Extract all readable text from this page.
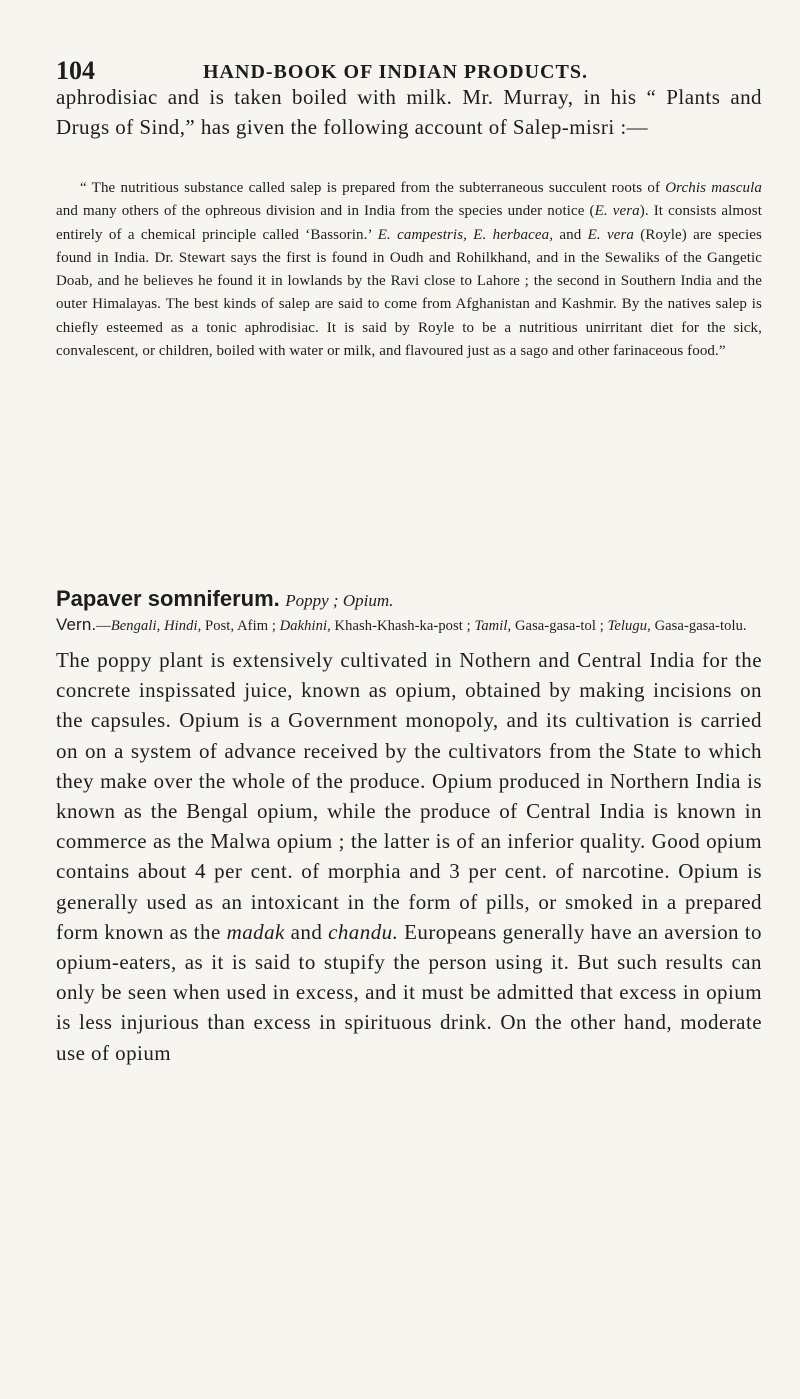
104	HAND-BOOK OF INDIAN PRODUCTS.

aphrodisiac and is taken boiled with milk. Mr. Murray, in his “ Plants and Drugs of Sind,” has given the following account of Salep-misri :—

“ The nutritious substance called salep is prepared from the subterraneous succulent roots of Orchis mascula and many others of the ophreous division and in India from the species under notice (E. vera). It consists almost entirely of a chemical principle called ‘Bassorin.’ E. campestris, E. herbacea, and E. vera (Royle) are species found in India. Dr. Stewart says the first is found in Oudh and Rohilkhand, and in the Sewaliks of the Gangetic Doab, and he believes he found it in lowlands by the Ravi close to Lahore ; the second in Southern India and the outer Himalayas. The best kinds of salep are said to come from Afghanistan and Kashmir. By the natives salep is chiefly esteemed as a tonic aphrodisiac. It is said by Royle to be a nutritious unirritant diet for the sick, convalescent, or children, boiled with water or milk, and flavoured just as a sago and other farinaceous food.”

Papaver somniferum. Poppy ; Opium.
Vern.—Bengali, Hindi, Post, Afim ; Dakhini, Khash-Khash-ka-post ; Tamil, Gasa-gasa-tol ; Telugu, Gasa-gasa-tolu.

The poppy plant is extensively cultivated in Nothern and Central India for the concrete inspissated juice, known as opium, obtained by making incisions on the capsules. Opium is a Government monopoly, and its cultivation is carried on on a system of advance received by the cultivators from the State to which they make over the whole of the produce. Opium produced in Northern India is known as the Bengal opium, while the produce of Central India is known in commerce as the Malwa opium ; the latter is of an inferior quality. Good opium contains about 4 per cent. of morphia and 3 per cent. of narcotine. Opium is generally used as an intoxicant in the form of pills, or smoked in a prepared form known as the madak and chandu. Europeans generally have an aversion to opium-eaters, as it is said to stupify the person using it. But such results can only be seen when used in excess, and it must be admitted that excess in opium is less injurious than excess in spirituous drink. On the other hand, moderate use of opium
